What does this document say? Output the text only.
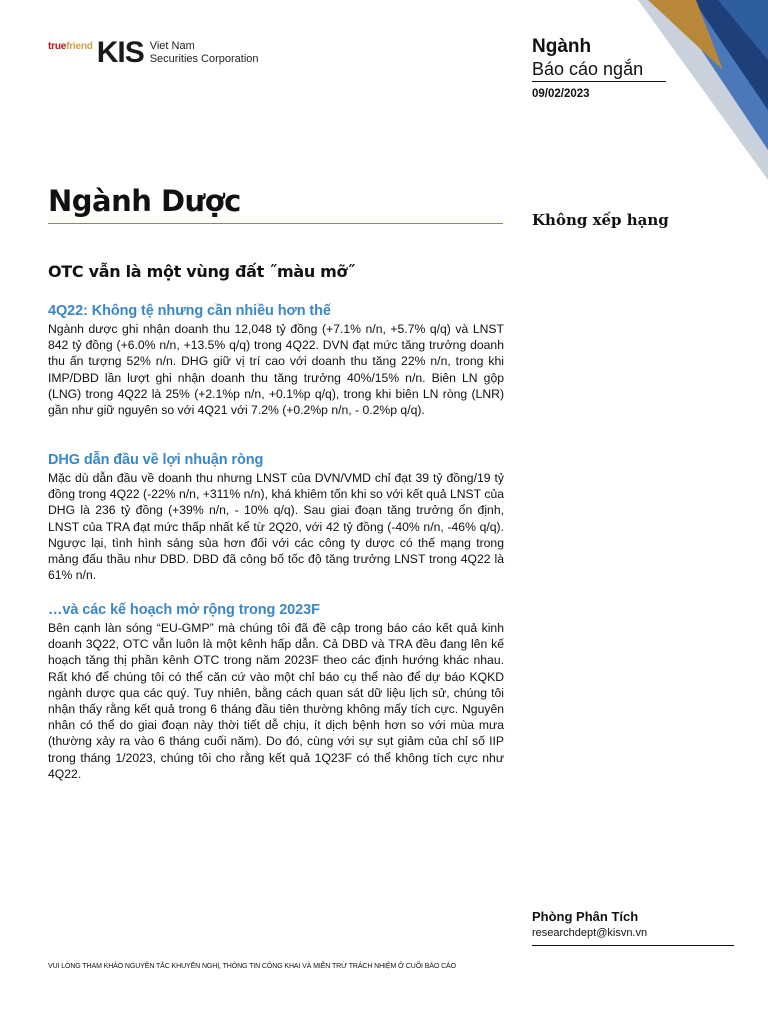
truefriend KIS Viet Nam
Securities Corporation
Ngành
Báo cáo ngắn
09/02/2023
Ngành Dược
Không xếp hạng
OTC vẫn là một vùng đất ˝màu mỡ˝
4Q22: Không tệ nhưng cần nhiều hơn thế

Ngành dược ghi nhận doanh thu 12,048 tỷ đồng (+7.1% n/n, +5.7% q/q) và LNST 842 tỷ đồng (+6.0% n/n, +13.5% q/q) trong 4Q22. DVN đạt mức tăng trưởng doanh thu ấn tượng 52% n/n. DHG giữ vị trí cao với doanh thu tăng 22% n/n, trong khi IMP/DBD lần lượt ghi nhận doanh thu tăng trưởng 40%/15% n/n. Biên LN gộp (LNG) trong 4Q22 là 25% (+2.1%p n/n, +0.1%p q/q), trong khi biên LN ròng (LNR) gần như giữ nguyên so với 4Q21 với 7.2% (+0.2%p n/n, - 0.2%p q/q).

DHG dẫn đầu về lợi nhuận ròng

Mặc dù dẫn đầu về doanh thu nhưng LNST của DVN/VMD chỉ đạt 39 tỷ đồng/19 tỷ đồng trong 4Q22 (-22% n/n, +311% n/n), khá khiêm tốn khi so với kết quả LNST của DHG là 236 tỷ đồng (+39% n/n, - 10% q/q). Sau giai đoạn tăng trưởng ổn định, LNST của TRA đạt mức thấp nhất kể từ 2Q20, với 42 tỷ đồng (-40% n/n, -46% q/q). Ngược lại, tình hình sáng sủa hơn đối với các công ty dược có thế mạng trong mảng đấu thầu như DBD. DBD đã công bố tốc độ tăng trưởng LNST trong 4Q22 là 61% n/n.

…và các kế hoạch mở rộng trong 2023F

Bên cạnh làn sóng “EU-GMP” mà chúng tôi đã đề cập trong báo cáo kết quả kinh doanh 3Q22, OTC vẫn luôn là một kênh hấp dẫn. Cả DBD và TRA đều đang lên kế hoạch tăng thị phần kênh OTC trong năm 2023F theo các định hướng khác nhau. Rất khó để chúng tôi có thể căn cứ vào một chỉ báo cụ thể nào để dự báo KQKD ngành dược qua các quý. Tuy nhiên, bằng cách quan sát dữ liệu lịch sử, chúng tôi nhận thấy rằng kết quả trong 6 tháng đầu tiên thường không mấy tích cực. Nguyên nhân có thể do giai đoạn này thời tiết dễ chịu, ít dịch bệnh hơn so với mùa mưa (thường xảy ra vào 6 tháng cuối năm). Do đó, cùng với sự sụt giảm của chỉ số IIP trong tháng 1/2023, chúng tôi cho rằng kết quả 1Q23F có thể không tích cực như 4Q22.

Phòng Phân Tích
researchdept@kisvn.vn
VUI LÒNG THAM KHẢO NGUYÊN TẮC KHUYẾN NGHỊ, THÔNG TIN CÔNG KHAI VÀ MIỄN TRỪ TRÁCH NHIỆM Ở CUỐI BÁO CÁO
